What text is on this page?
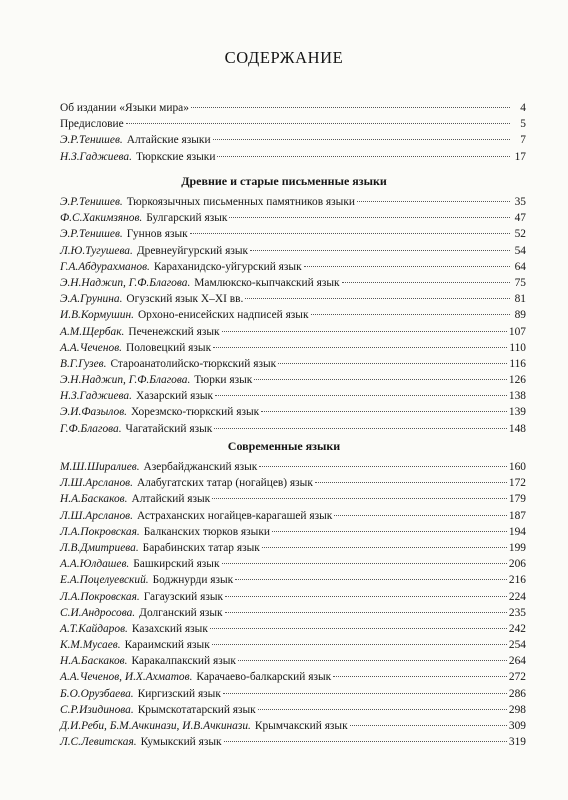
СОДЕРЖАНИЕ
Об издании «Языки мира»	4
Предисловие	5
Э.Р.Тенишев. Алтайские языки	7
Н.З.Гаджиева. Тюркские языки	17
Древние и старые письменные языки
Э.Р.Тенишев. Тюркоязычных письменных памятников языки	35
Ф.С.Хакимзянов. Булгарский язык	47
Э.Р.Тенишев. Гуннов язык	52
Л.Ю.Тугушева. Древнеуйгурский язык	54
Г.А.Абдурахманов. Караханидско-уйгурский язык	64
Э.Н.Наджип, Г.Ф.Благова. Мамлюкско-кыпчакский язык	75
Э.А.Грунина. Огузский язык X–XI вв.	81
И.В.Кормушин. Орхоно-енисейских надписей язык	89
А.М.Щербак. Печенежский язык	107
А.А.Чеченов. Половецкий язык	110
В.Г.Гузев. Староанатолийско-тюркский язык	116
Э.Н.Наджип, Г.Ф.Благова. Тюрки язык	126
Н.З.Гаджиева. Хазарский язык	138
Э.И.Фазылов. Хорезмско-тюркский язык	139
Г.Ф.Благова. Чагатайский язык	148
Современные языки
М.Ш.Ширалиев. Азербайджанский язык	160
Л.Ш.Арсланов. Алабугатских татар (ногайцев) язык	172
Н.А.Баскаков. Алтайский язык	179
Л.Ш.Арсланов. Астраханских ногайцев-карагашей язык	187
Л.А.Покровская. Балканских тюрков языки	194
Л.В.Дмитриева. Барабинских татар язык	199
А.А.Юлдашев. Башкирский язык	206
Е.А.Поцелуевский. Боджнурди язык	216
Л.А.Покровская. Гагаузский язык	224
С.И.Андросова. Долганский язык	235
А.Т.Кайдаров. Казахский язык	242
К.М.Мусаев. Караимский язык	254
Н.А.Баскаков. Каракалпакский язык	264
А.А.Чеченов, И.Х.Ахматов. Карачаево-балкарский язык	272
Б.О.Орузбаева. Киргизский язык	286
С.Р.Изидинова. Крымскотатарский язык	298
Д.И.Реби, Б.М.Ачкинази, И.В.Ачкинази. Крымчакский язык	309
Л.С.Левитская. Кумыкский язык	319
